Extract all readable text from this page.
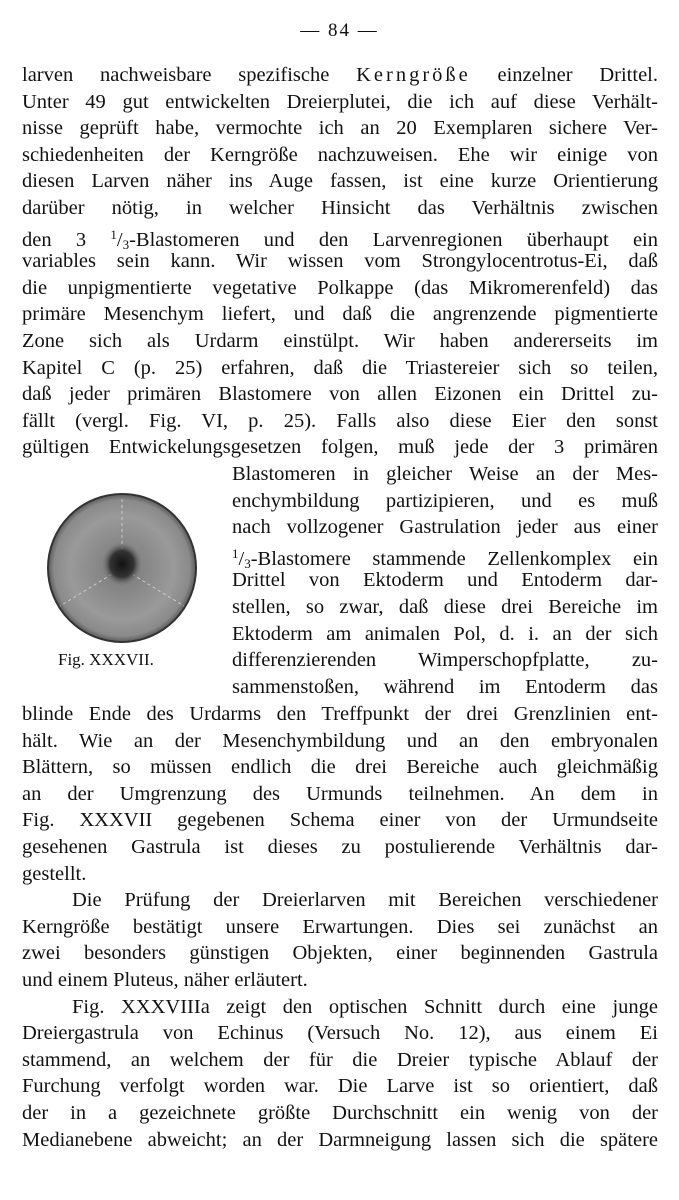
— 84 —
larven nachweisbare spezifische Kerngröße einzelner Drittel.
Unter 49 gut entwickelten Dreierplutei, die ich auf diese Verhält-
nisse geprüft habe, vermochte ich an 20 Exemplaren sichere Ver-
schiedenheiten der Kerngröße nachzuweisen. Ehe wir einige von
diesen Larven näher ins Auge fassen, ist eine kurze Orientierung
darüber nötig, in welcher Hinsicht das Verhältnis zwischen
den 3 $^1$/3-Blastomeren und den Larvenregionen überhaupt ein
variables sein kann. Wir wissen vom Strongylocentrotus-Ei, daß
die unpigmentierte vegetative Polkappe (das Mikromerenfeld) das
primäre Mesenchym liefert, und daß die angrenzende pigmentierte
Zone sich als Urdarm einstülpt. Wir haben andererseits im
Kapitel C (p. 25) erfahren, daß die Triastereier sich so teilen,
daß jeder primären Blastomere von allen Eizonen ein Drittel zu-
fällt (vergl. Fig. VI, p. 25). Falls also diese Eier den sonst
gültigen Entwickelungsgesetzen folgen, muß jede der 3 primären
Fig. XXXVII.
Blastomeren in gleicher Weise an der Mes-
enchymbildung partizipieren, und es muß
nach vollzogener Gastrulation jeder aus einer
$^1$/3-Blastomere stammende Zellenkomplex ein
Drittel von Ektoderm und Entoderm dar-
stellen, so zwar, daß diese drei Bereiche im
Ektoderm am animalen Pol, d. i. an der sich
differenzierenden Wimperschopfplatte, zu-
sammenstoßen, während im Entoderm das
blinde Ende des Urdarms den Treffpunkt der drei Grenzlinien ent-
hält. Wie an der Mesenchymbildung und an den embryonalen
Blättern, so müssen endlich die drei Bereiche auch gleichmäßig
an der Umgrenzung des Urmunds teilnehmen. An dem in
Fig. XXXVII gegebenen Schema einer von der Urmundseite
gesehenen Gastrula ist dieses zu postulierende Verhältnis dar-
gestellt.
Die Prüfung der Dreierlarven mit Bereichen verschiedener
Kerngröße bestätigt unsere Erwartungen. Dies sei zunächst an
zwei besonders günstigen Objekten, einer beginnenden Gastrula
und einem Pluteus, näher erläutert.
Fig. XXXVIIIa zeigt den optischen Schnitt durch eine junge
Dreiergastrula von Echinus (Versuch No. 12), aus einem Ei
stammend, an welchem der für die Dreier typische Ablauf der
Furchung verfolgt worden war. Die Larve ist so orientiert, daß
der in a gezeichnete größte Durchschnitt ein wenig von der
Medianebene abweicht; an der Darmneigung lassen sich die spätere
